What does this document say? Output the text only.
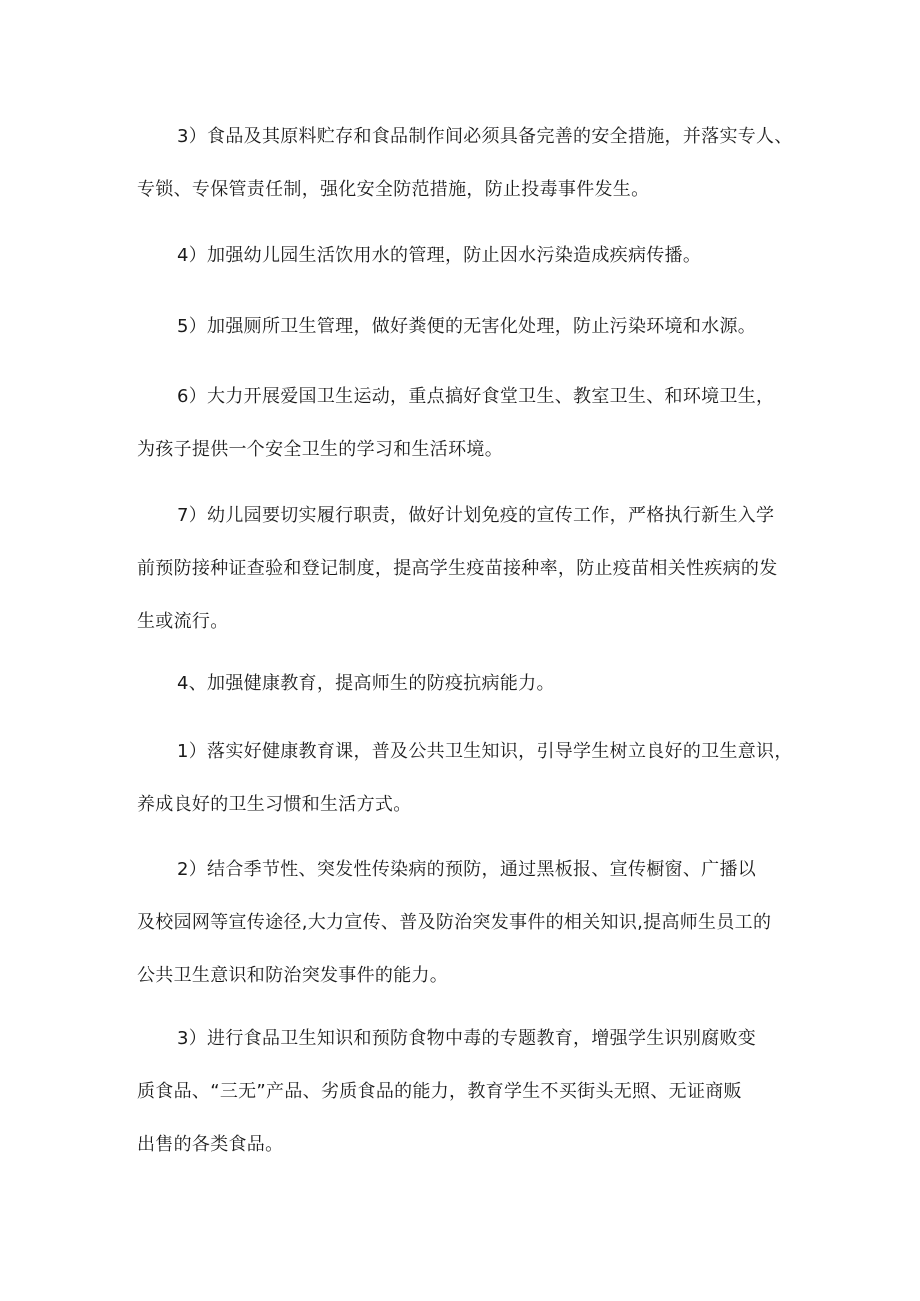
3）食品及其原料贮存和食品制作间必须具备完善的安全措施，并落实专人、
专锁、专保管责任制，强化安全防范措施，防止投毒事件发生。
4）加强幼儿园生活饮用水的管理，防止因水污染造成疾病传播。
5）加强厕所卫生管理，做好粪便的无害化处理，防止污染环境和水源。
6）大力开展爱国卫生运动，重点搞好食堂卫生、教室卫生、和环境卫生，
为孩子提供一个安全卫生的学习和生活环境。
7）幼儿园要切实履行职责，做好计划免疫的宣传工作，严格执行新生入学
前预防接种证查验和登记制度，提高学生疫苗接种率，防止疫苗相关性疾病的发
生或流行。
4、加强健康教育，提高师生的防疫抗病能力。
1）落实好健康教育课，普及公共卫生知识，引导学生树立良好的卫生意识，
养成良好的卫生习惯和生活方式。
2）结合季节性、突发性传染病的预防，通过黑板报、宣传橱窗、广播以
及校园网等宣传途径,大力宣传、普及防治突发事件的相关知识,提高师生员工的
公共卫生意识和防治突发事件的能力。
3）进行食品卫生知识和预防食物中毒的专题教育，增强学生识别腐败变
质食品、“三无”产品、劣质食品的能力，教育学生不买街头无照、无证商贩
出售的各类食品。
